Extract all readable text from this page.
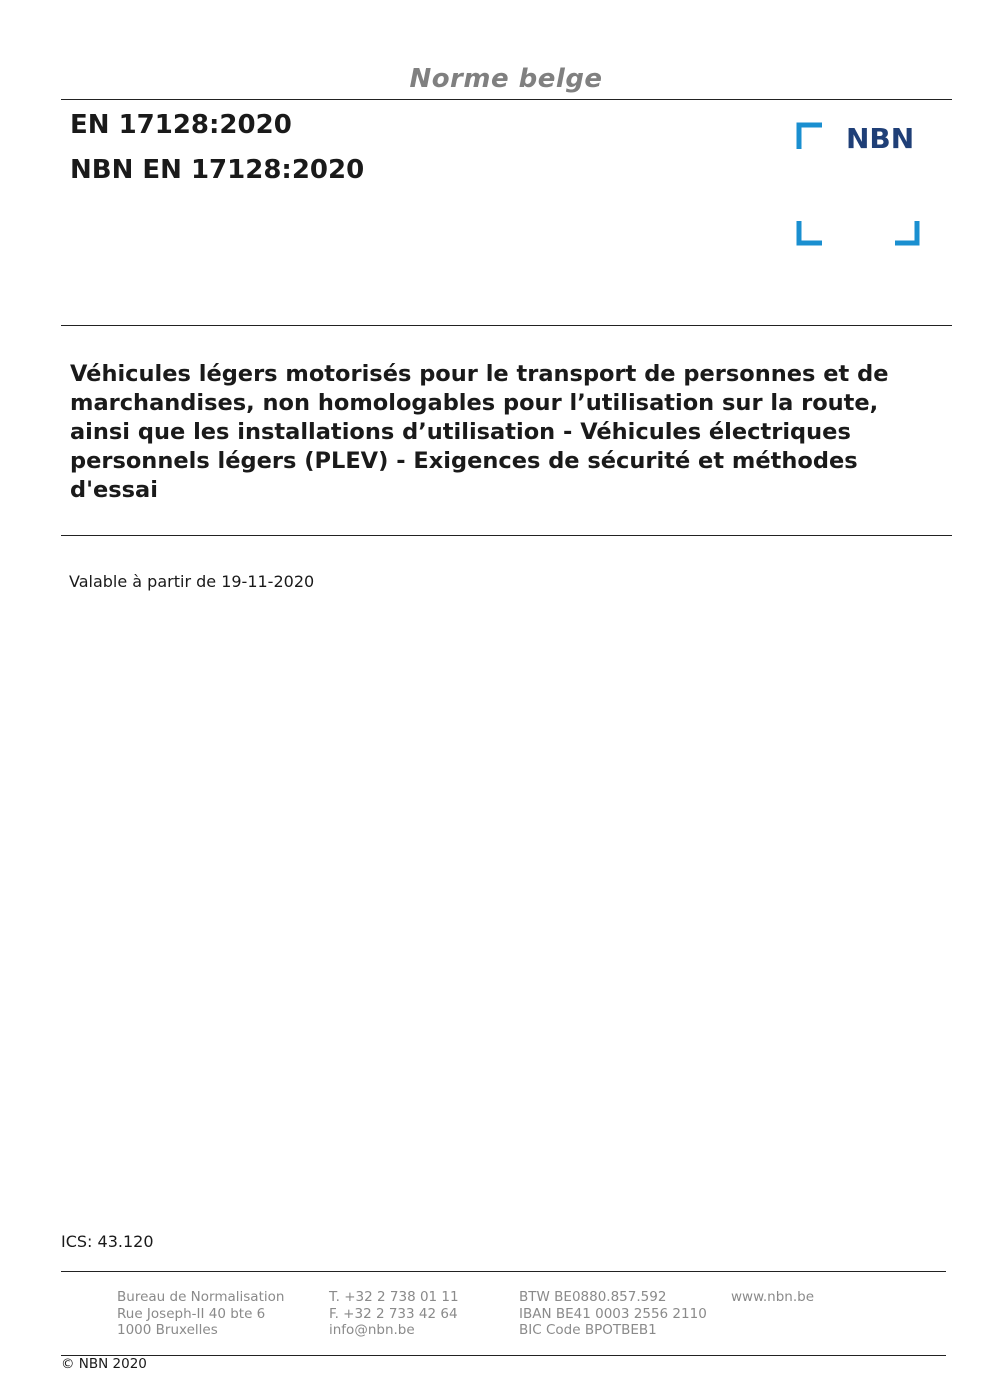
Norme belge
EN 17128:2020
NBN EN 17128:2020
NBN
Véhicules légers motorisés pour le transport de personnes et de marchandises, non homologables pour l’utilisation sur la route, ainsi que les installations d’utilisation - Véhicules électriques personnels légers (PLEV) - Exigences de sécurité et méthodes d'essai
Valable à partir de 19-11-2020
ICS: 43.120
Bureau de Normalisation
Rue Joseph-II 40 bte 6
1000 Bruxelles
T. +32 2 738 01 11
F. +32 2 733 42 64
info@nbn.be
BTW BE0880.857.592
IBAN BE41 0003 2556 2110
BIC Code BPOTBEB1
www.nbn.be
© NBN 2020
